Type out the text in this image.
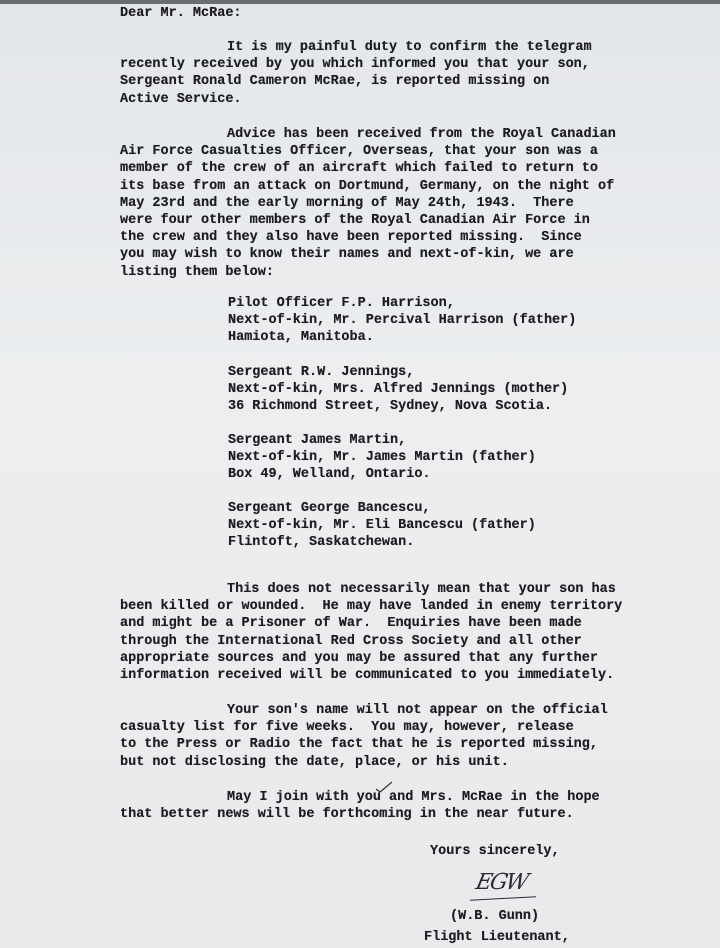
Dear Mr. McRae:
It is my painful duty to confirm the telegram
recently received by you which informed you that your son,
Sergeant Ronald Cameron McRae, is reported missing on
Active Service.
Advice has been received from the Royal Canadian
Air Force Casualties Officer, Overseas, that your son was a
member of the crew of an aircraft which failed to return to
its base from an attack on Dortmund, Germany, on the night of
May 23rd and the early morning of May 24th, 1943.  There
were four other members of the Royal Canadian Air Force in
the crew and they also have been reported missing.  Since
you may wish to know their names and next-of-kin, we are
listing them below:
Pilot Officer F.P. Harrison,
Next-of-kin, Mr. Percival Harrison (father)
Hamiota, Manitoba.
Sergeant R.W. Jennings,
Next-of-kin, Mrs. Alfred Jennings (mother)
36 Richmond Street, Sydney, Nova Scotia.
Sergeant James Martin,
Next-of-kin, Mr. James Martin (father)
Box 49, Welland, Ontario.
Sergeant George Bancescu,
Next-of-kin, Mr. Eli Bancescu (father)
Flintoft, Saskatchewan.
This does not necessarily mean that your son has
been killed or wounded.  He may have landed in enemy territory
and might be a Prisoner of War.  Enquiries have been made
through the International Red Cross Society and all other
appropriate sources and you may be assured that any further
information received will be communicated to you immediately.
Your son's name will not appear on the official
casualty list for five weeks.  You may, however, release
to the Press or Radio the fact that he is reported missing,
but not disclosing the date, place, or his unit.
May I join with you and Mrs. McRae in the hope
that better news will be forthcoming in the near future.
Yours sincerely,
EGW
(W.B. Gunn)
Flight Lieutenant,
